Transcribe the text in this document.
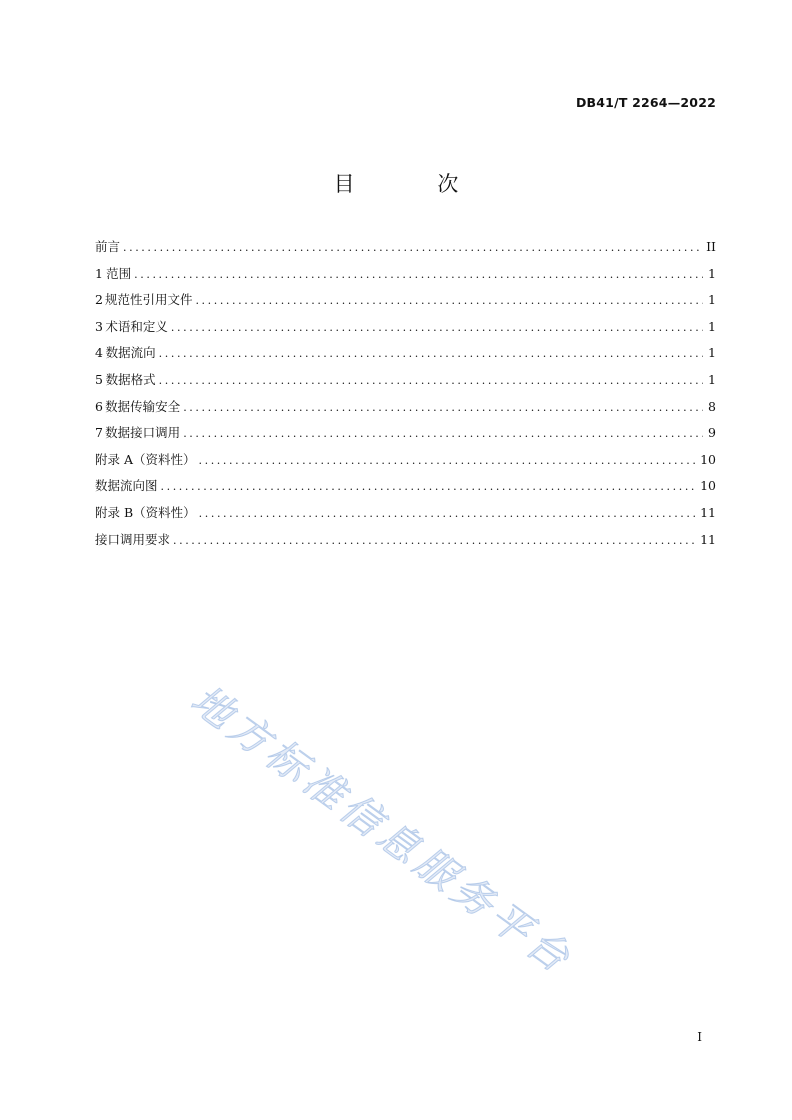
DB41/T 2264—2022
目 次
前言 .....	II
1 范围 .....	1
2 规范性引用文件 .....	1
3 术语和定义 .....	1
4 数据流向 .....	1
5 数据格式 .....	1
6 数据传输安全 .....	8
7 数据接口调用 .....	9
附录 A（资料性） .....	10
数据流向图 .....	10
附录 B（资料性） .....	11
接口调用要求 .....	11
地方标准信息服务平台
I
